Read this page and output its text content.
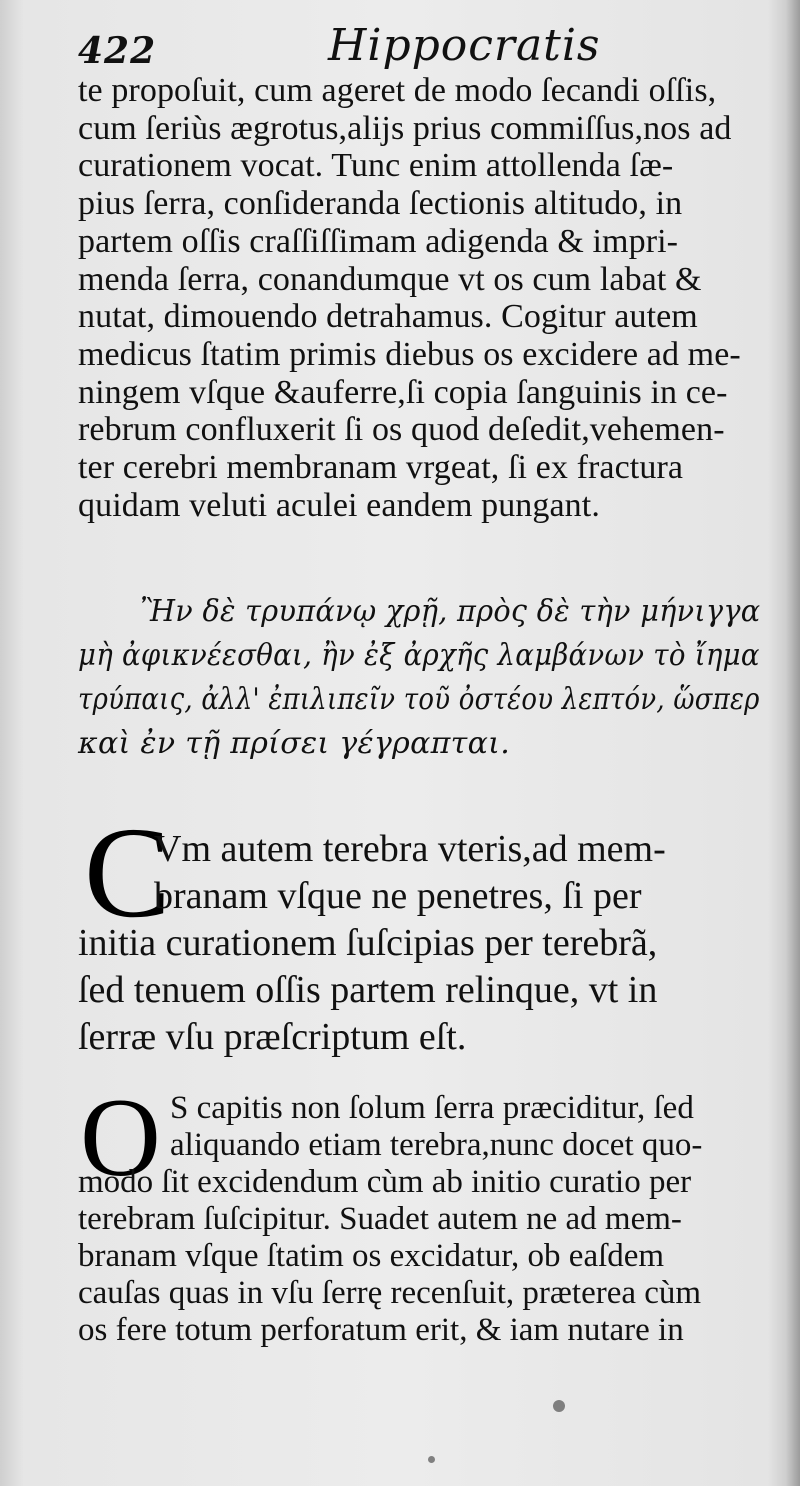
422	Hippocratis
te propoſuit, cum ageret de modo ſecandi oſſis,
cum ſeriùs ægrotus,alijs prius commiſſus,nos ad
curationem vocat. Tunc enim attollenda ſæ-
pius ſerra, conſideranda ſectionis altitudo, in
partem oſſis craſſiſſimam adigenda & impri-
menda ſerra, conandumque vt os cum labat &
nutat, dimouendo detrahamus. Cogitur autem
medicus ſtatim primis diebus os excidere ad me-
ningem vſque &auferre,ſi copia ſanguinis in ce-
rebrum confluxerit ſi os quod deſedit,vehemen-
ter cerebri membranam vrgeat, ſi ex fractura
quidam veluti aculei eandem pungant.
Ἢν δὲ τρυπάνῳ χρῇ, πρὸς δὲ τὴν μήνιγγα
μὴ ἀφικνέεσθαι, ἢν ἐξ ἀρχῆς λαμβάνων τὸ ἴημα
τρύπαις, ἀλλ' ἐπιλιπεῖν τοῦ ὀστέου λεπτόν, ὥσπερ
καὶ ἐν τῇ πρίσει γέγραπται.
C
Vm autem terebra vteris,ad mem-
branam vſque ne penetres, ſi per
initia curationem ſuſcipias per terebrã,
ſed tenuem oſſis partem relinque, vt in
ſerræ vſu præſcriptum eſt.
O S capitis non ſolum ſerra præciditur, ſed
aliquando etiam terebra,nunc docet quo-
modo ſit excidendum cùm ab initio curatio per
terebram ſuſcipitur. Suadet autem ne ad mem-
branam vſque ſtatim os excidatur, ob eaſdem
cauſas quas in vſu ſerrę recenſuit, præterea cùm
os fere totum perforatum erit, & iam nutare in
